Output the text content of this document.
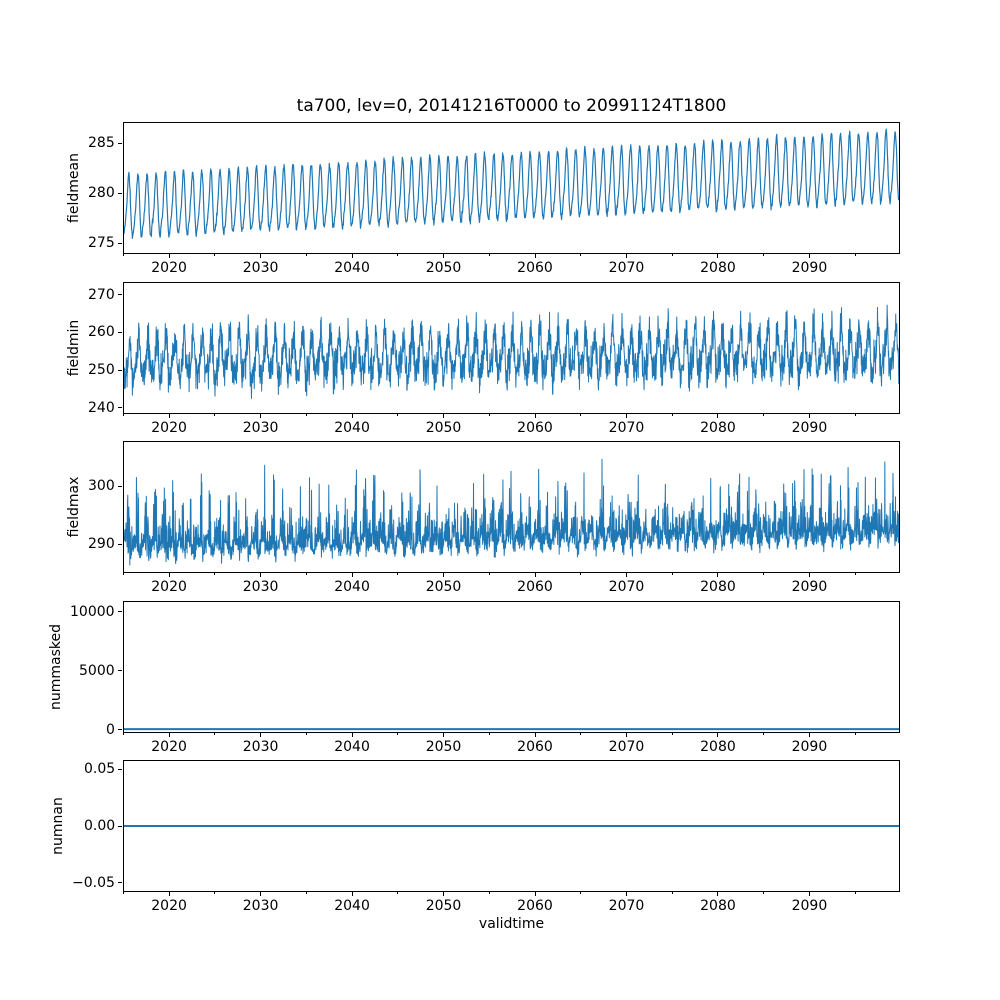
ta700, lev=0, 20141216T0000 to 20991124T1800
fieldmean
fieldmin
fieldmax
nummasked
numnan
validtime
275
280
285
2020	2030	2040	2050	2060	2070	2080	2090
240
250
260
270
2020	2030	2040	2050	2060	2070	2080	2090
290
300
2020	2030	2040	2050	2060	2070	2080	2090
0
5000
10000
2020	2030	2040	2050	2060	2070	2080	2090
−0.05
0.00
0.05
2020	2030	2040	2050	2060	2070	2080	2090
